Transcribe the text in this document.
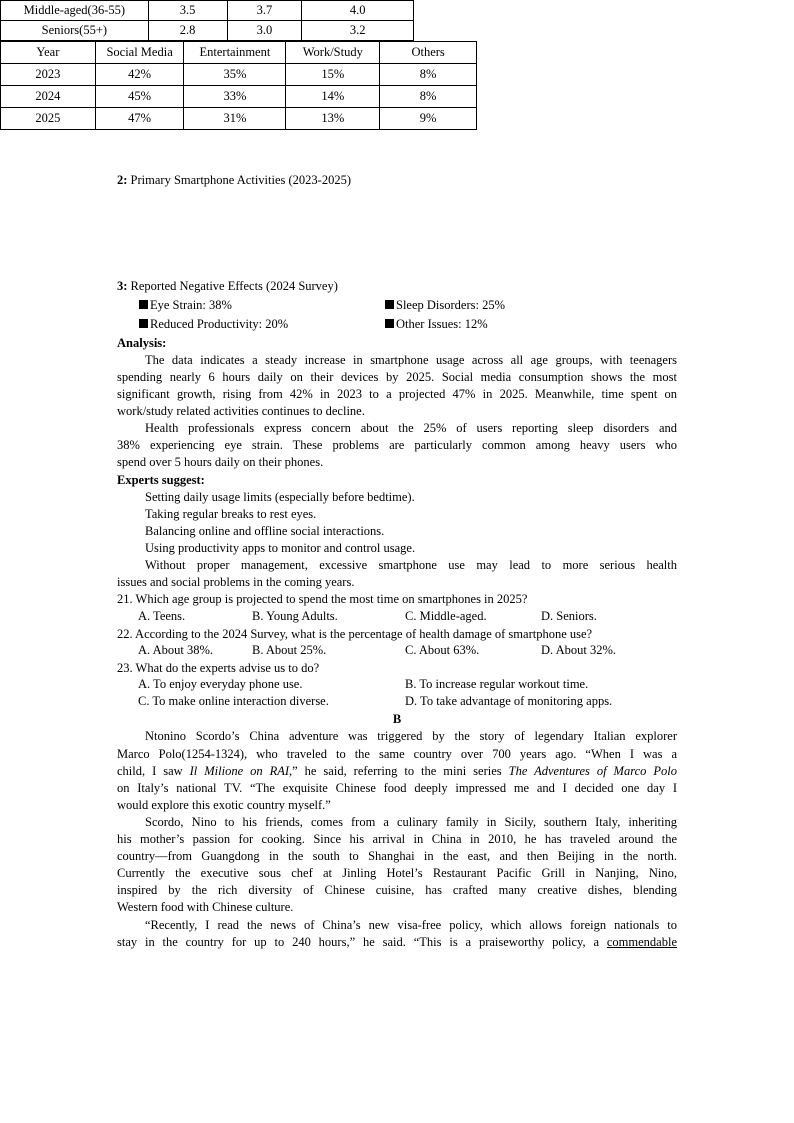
Middle-aged(36-55)	3.5	3.7	4.0
Seniors(55+)	2.8	3.0	3.2
2: Primary Smartphone Activities (2023-2025)
Year	Social Media	Entertainment	Work/Study	Others
2023	42%	35%	15%	8%
2024	45%	33%	14%	8%
2025	47%	31%	13%	9%
3: Reported Negative Effects (2024 Survey)
Eye Strain: 38%	Sleep Disorders: 25%
Reduced Productivity: 20%	Other Issues: 12%
Analysis:
The data indicates a steady increase in smartphone usage across all age groups, with teenagers
spending nearly 6 hours daily on their devices by 2025. Social media consumption shows the most
significant growth, rising from 42% in 2023 to a projected 47% in 2025. Meanwhile, time spent on
work/study related activities continues to decline.
Health professionals express concern about the 25% of users reporting sleep disorders and
38% experiencing eye strain. These problems are particularly common among heavy users who
spend over 5 hours daily on their phones.
Experts suggest:
Setting daily usage limits (especially before bedtime).
Taking regular breaks to rest eyes.
Balancing online and offline social interactions.
Using productivity apps to monitor and control usage.
Without proper management, excessive smartphone use may lead to more serious health
issues and social problems in the coming years.
21. Which age group is projected to spend the most time on smartphones in 2025?
A. Teens.	B. Young Adults.	C. Middle-aged.	D. Seniors.
22. According to the 2024 Survey, what is the percentage of health damage of smartphone use?
A. About 38%.	B. About 25%.	C. About 63%.	D. About 32%.
23. What do the experts advise us to do?
A. To enjoy everyday phone use.	B. To increase regular workout time.
C. To make online interaction diverse.	D. To take advantage of monitoring apps.
B
Ntonino Scordo’s China adventure was triggered by the story of legendary Italian explorer
Marco Polo(1254-1324), who traveled to the same country over 700 years ago. “When I was a
child, I saw Il Milione on RAI,” he said, referring to the mini series The Adventures of Marco Polo
on Italy’s national TV. “The exquisite Chinese food deeply impressed me and I decided one day I
would explore this exotic country myself.”
Scordo, Nino to his friends, comes from a culinary family in Sicily, southern Italy, inheriting
his mother’s passion for cooking. Since his arrival in China in 2010, he has traveled around the
country—from Guangdong in the south to Shanghai in the east, and then Beijing in the north.
Currently the executive sous chef at Jinling Hotel’s Restaurant Pacific Grill in Nanjing, Nino,
inspired by the rich diversity of Chinese cuisine, has crafted many creative dishes, blending
Western food with Chinese culture.
“Recently, I read the news of China’s new visa-free policy, which allows foreign nationals to
stay in the country for up to 240 hours,” he said. “This is a praiseworthy policy, a commendable
